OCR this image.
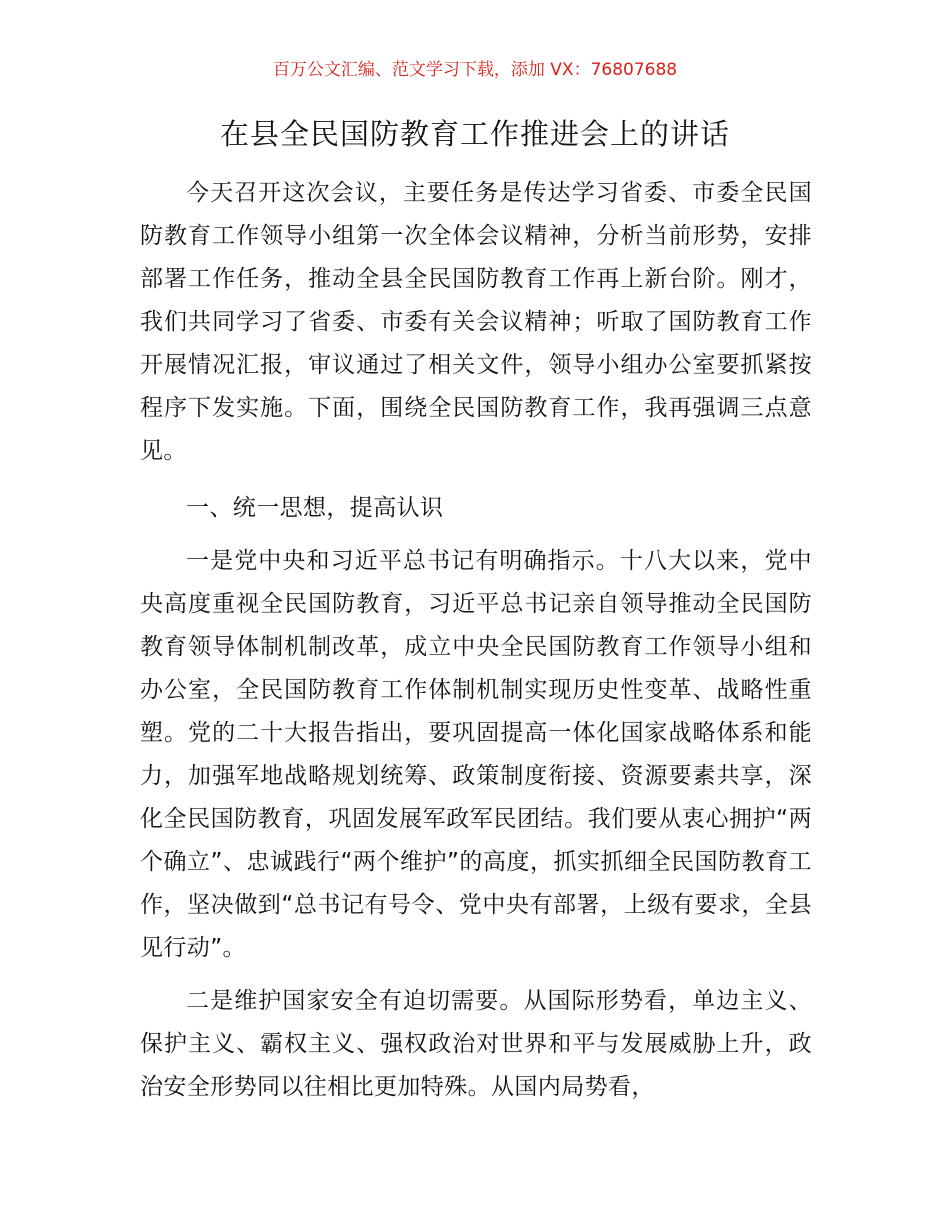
百万公文汇编、范文学习下载，添加 VX：76807688
在县全民国防教育工作推进会上的讲话

今天召开这次会议，主要任务是传达学习省委、市委全民国防教育工作领导小组第一次全体会议精神，分析当前形势，安排部署工作任务，推动全县全民国防教育工作再上新台阶。刚才，我们共同学习了省委、市委有关会议精神；听取了国防教育工作开展情况汇报，审议通过了相关文件，领导小组办公室要抓紧按程序下发实施。下面，围绕全民国防教育工作，我再强调三点意见。

一、统一思想，提高认识

一是党中央和习近平总书记有明确指示。十八大以来，党中央高度重视全民国防教育，习近平总书记亲自领导推动全民国防教育领导体制机制改革，成立中央全民国防教育工作领导小组和办公室，全民国防教育工作体制机制实现历史性变革、战略性重塑。党的二十大报告指出，要巩固提高一体化国家战略体系和能力，加强军地战略规划统筹、政策制度衔接、资源要素共享，深化全民国防教育，巩固发展军政军民团结。我们要从衷心拥护“两个确立”、忠诚践行“两个维护”的高度，抓实抓细全民国防教育工作，坚决做到“总书记有号令、党中央有部署，上级有要求，全县见行动”。

二是维护国家安全有迫切需要。从国际形势看，单边主义、保护主义、霸权主义、强权政治对世界和平与发展威胁上升，政治安全形势同以往相比更加特殊。从国内局势看，
